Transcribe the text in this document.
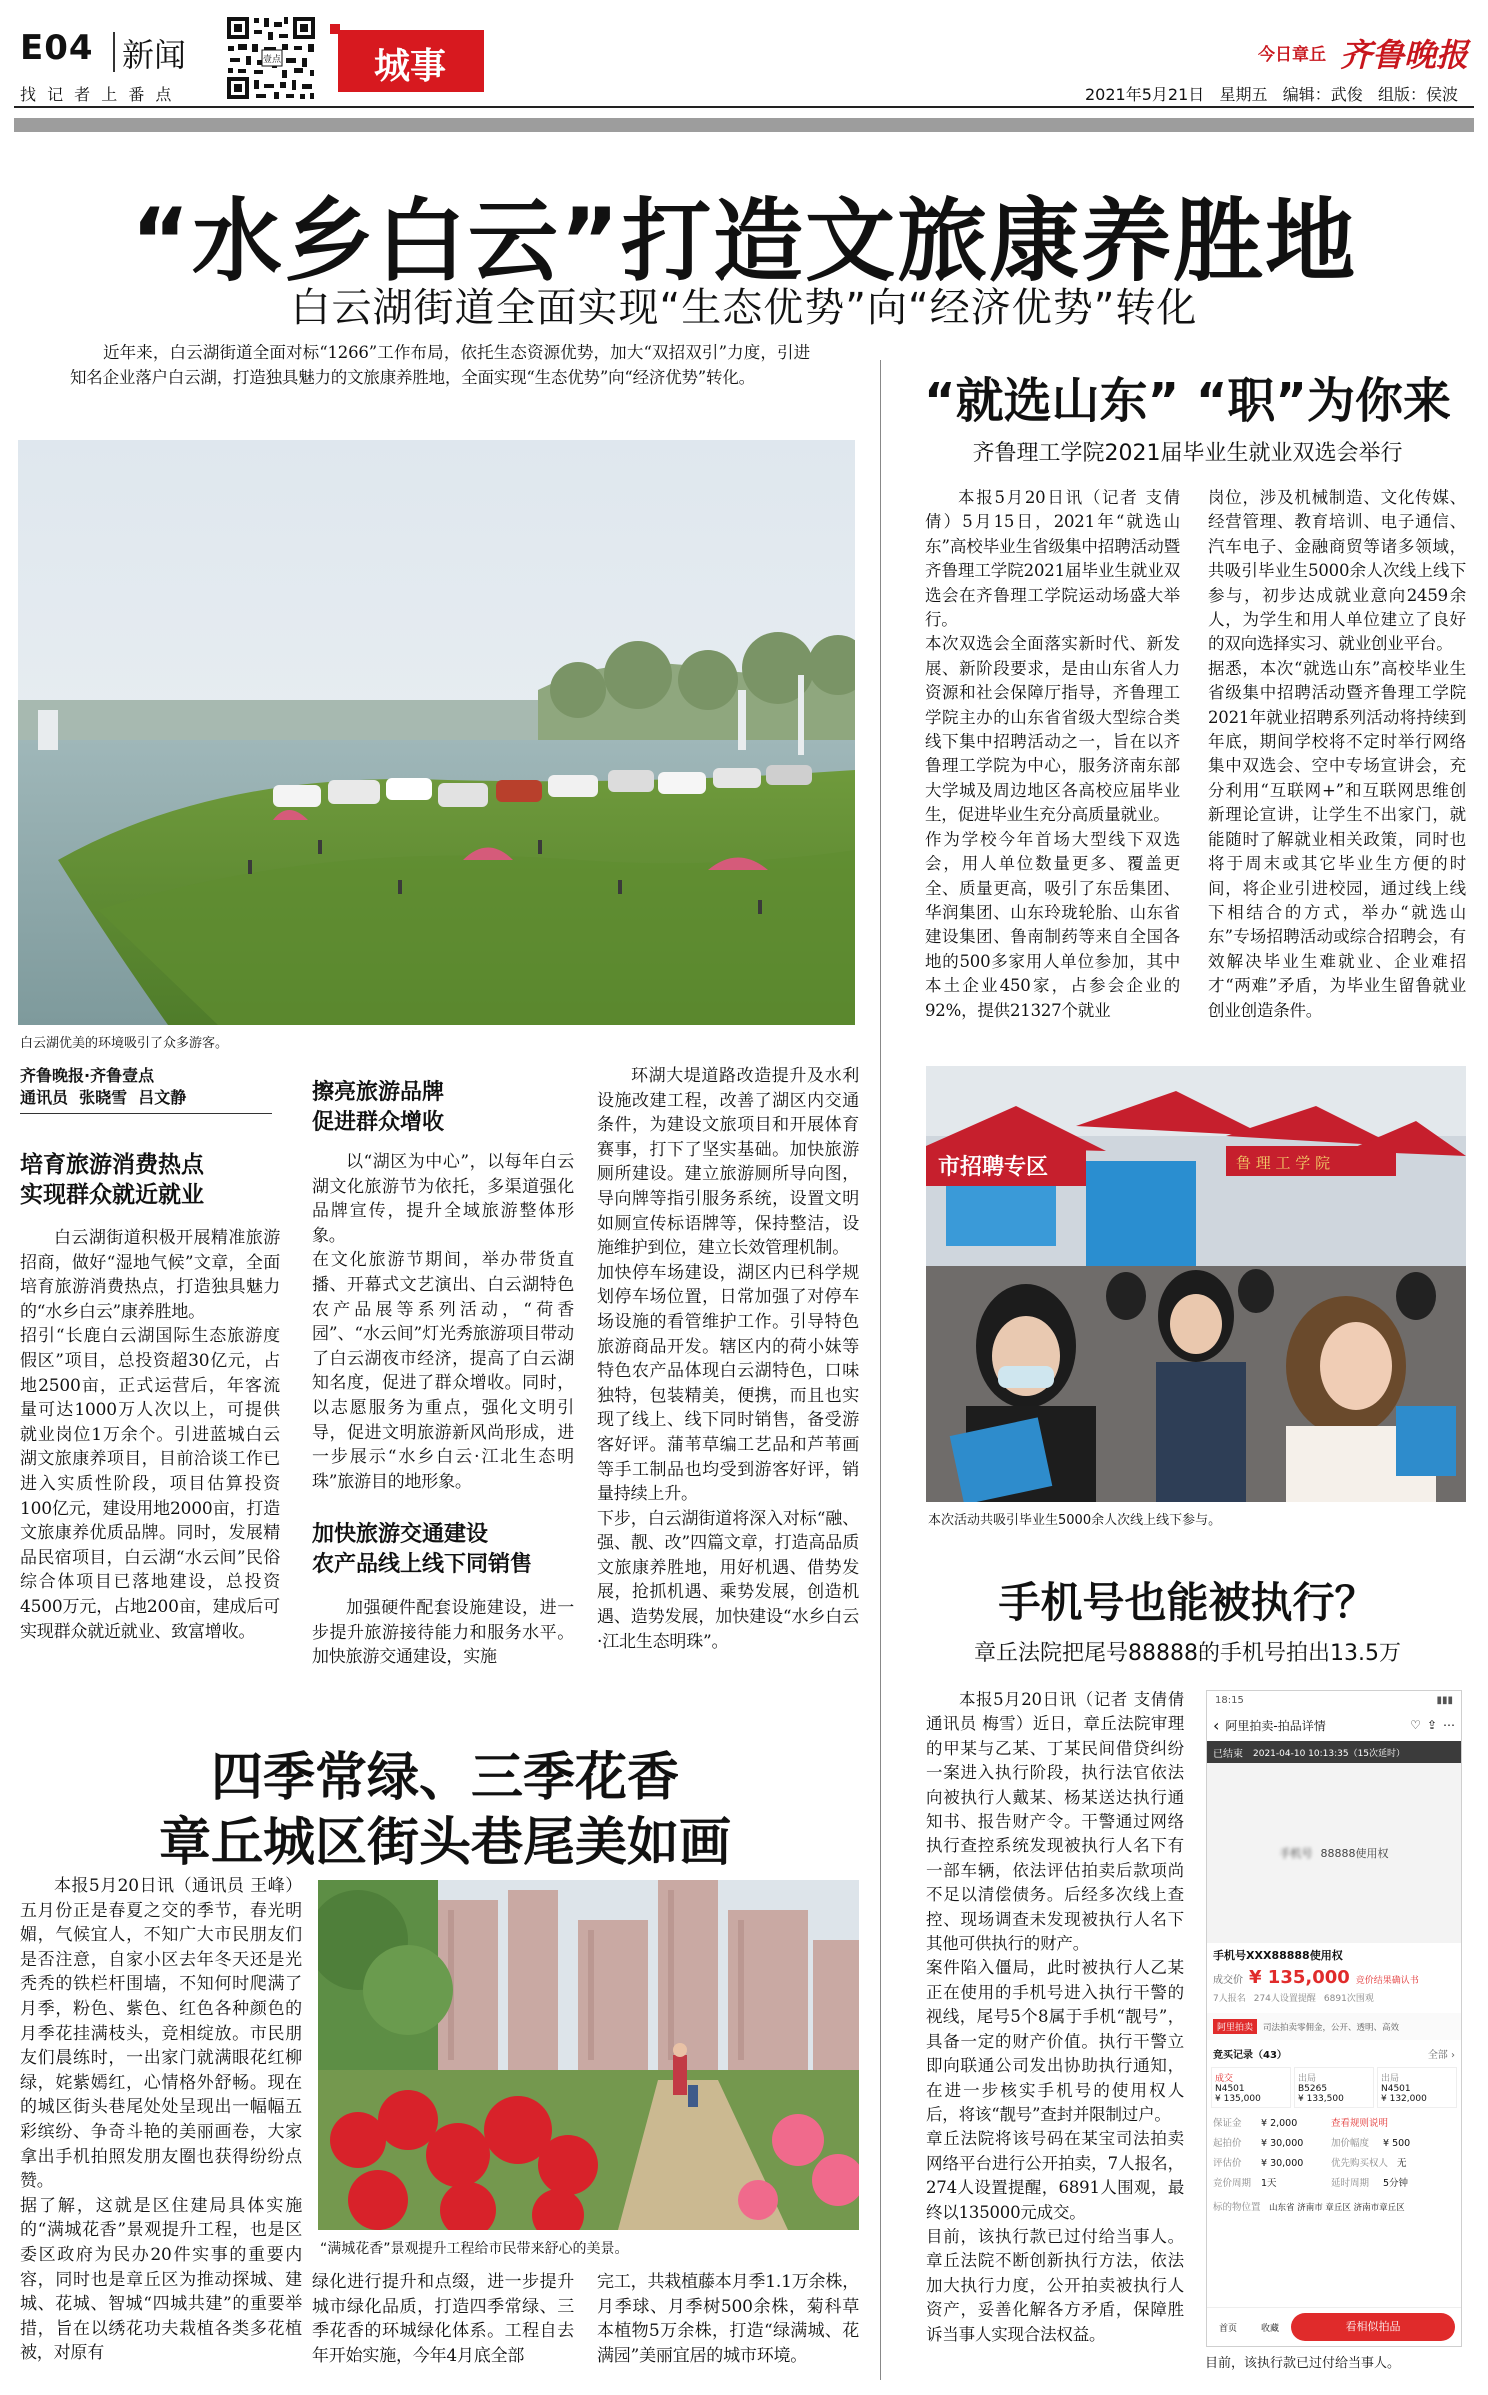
E04 新闻
找 记 者 上 番 点
壹点	城事	今日章丘 齐鲁晚报
2021年5月21日   星期五   编辑：武俊   组版：侯波
“水乡白云”打造文旅康养胜地
白云湖街道全面实现“生态优势”向“经济优势”转化

近年来，白云湖街道全面对标“1266”工作布局，依托生态资源优势，加大“双招双引”力度，引进知名企业落户白云湖，打造独具魅力的文旅康养胜地，全面实现“生态优势”向“经济优势”转化。

白云湖优美的环境吸引了众多游客。
齐鲁晚报·齐鲁壹点
通讯员  张晓雪  吕文静
培育旅游消费热点
实现群众就近就业
白云湖街道积极开展精准旅游招商，做好“湿地气候”文章，全面培育旅游消费热点，打造独具魅力的“水乡白云”康养胜地。
招引“长鹿白云湖国际生态旅游度假区”项目，总投资超30亿元，占地2500亩，正式运营后，年客流量可达1000万人次以上，可提供就业岗位1万余个。引进蓝城白云湖文旅康养项目，目前洽谈工作已进入实质性阶段，项目估算投资100亿元，建设用地2000亩，打造文旅康养优质品牌。同时，发展精品民宿项目，白云湖“水云间”民俗综合体项目已落地建设，总投资4500万元，占地200亩，建成后可实现群众就近就业、致富增收。
擦亮旅游品牌
促进群众增收
以“湖区为中心”，以每年白云湖文化旅游节为依托，多渠道强化品牌宣传，提升全域旅游整体形象。
在文化旅游节期间，举办带货直播、开幕式文艺演出、白云湖特色农产品展等系列活动，“荷香园”、“水云间”灯光秀旅游项目带动了白云湖夜市经济，提高了白云湖知名度，促进了群众增收。同时，以志愿服务为重点，强化文明引导，促进文明旅游新风尚形成，进一步展示“水乡白云·江北生态明珠”旅游目的地形象。
加快旅游交通建设
农产品线上线下同销售
加强硬件配套设施建设，进一步提升旅游接待能力和服务水平。加快旅游交通建设，实施
环湖大堤道路改造提升及水利设施改建工程，改善了湖区内交通条件，为建设文旅项目和开展体育赛事，打下了坚实基础。加快旅游厕所建设。建立旅游厕所导向图，导向牌等指引服务系统，设置文明如厕宣传标语牌等，保持整洁，设施维护到位，建立长效管理机制。
加快停车场建设，湖区内已科学规划停车场位置，日常加强了对停车场设施的看管维护工作。引导特色旅游商品开发。辖区内的荷小妹等特色农产品体现白云湖特色，口味独特，包装精美，便携，而且也实现了线上、线下同时销售，备受游客好评。蒲苇草编工艺品和芦苇画等手工制品也均受到游客好评，销量持续上升。
下步，白云湖街道将深入对标“融、强、靓、改”四篇文章，打造高品质文旅康养胜地，用好机遇、借势发展，抢抓机遇、乘势发展，创造机遇、造势发展，加快建设“水乡白云·江北生态明珠”。
“就选山东” “职”为你来
齐鲁理工学院2021届毕业生就业双选会举行
本报5月20日讯（记者 支倩倩）5月15日，2021年“就选山东”高校毕业生省级集中招聘活动暨齐鲁理工学院2021届毕业生就业双选会在齐鲁理工学院运动场盛大举行。
本次双选会全面落实新时代、新发展、新阶段要求，是由山东省人力资源和社会保障厅指导，齐鲁理工学院主办的山东省省级大型综合类线下集中招聘活动之一，旨在以齐鲁理工学院为中心，服务济南东部大学城及周边地区各高校应届毕业生，促进毕业生充分高质量就业。
作为学校今年首场大型线下双选会，用人单位数量更多、覆盖更全、质量更高，吸引了东岳集团、华润集团、山东玲珑轮胎、山东省建设集团、鲁南制药等来自全国各地的500多家用人单位参加，其中本土企业450家，占参会企业的92%，提供21327个就业
岗位，涉及机械制造、文化传媒、经营管理、教育培训、电子通信、汽车电子、金融商贸等诸多领域，共吸引毕业生5000余人次线上线下参与，初步达成就业意向2459余人，为学生和用人单位建立了良好的双向选择实习、就业创业平台。
据悉，本次“就选山东”高校毕业生省级集中招聘活动暨齐鲁理工学院2021年就业招聘系列活动将持续到年底，期间学校将不定时举行网络集中双选会、空中专场宣讲会，充分利用“互联网+”和互联网思维创新理论宣讲，让学生不出家门，就能随时了解就业相关政策，同时也将于周末或其它毕业生方便的时间，将企业引进校园，通过线上线下相结合的方式，举办“就选山东”专场招聘活动或综合招聘会，有效解决毕业生难就业、企业难招才“两难”矛盾，为毕业生留鲁就业创业创造条件。
市招聘专区	鲁 理 工 学 院
本次活动共吸引毕业生5000余人次线上线下参与。
手机号也能被执行？
章丘法院把尾号88888的手机号拍出13.5万
本报5月20日讯（记者 支倩倩 通讯员 梅雪）近日，章丘法院审理的甲某与乙某、丁某民间借贷纠纷一案进入执行阶段，执行法官依法向被执行人戴某、杨某送达执行通知书、报告财产令。干警通过网络执行查控系统发现被执行人名下有一部车辆，依法评估拍卖后款项尚不足以清偿债务。后经多次线上查控、现场调查未发现被执行人名下其他可供执行的财产。
案件陷入僵局，此时被执行人乙某正在使用的手机号进入执行干警的视线，尾号5个8属于手机“靓号”，具备一定的财产价值。执行干警立即向联通公司发出协助执行通知，在进一步核实手机号的使用权人后，将该“靓号”查封并限制过户。
章丘法院将该号码在某宝司法拍卖网络平台进行公开拍卖，7人报名，274人设置提醒，6891人围观，最终以135000元成交。
目前，该执行款已过付给当事人。章丘法院不断创新执行方法，依法加大执行力度，公开拍卖被执行人资产，妥善化解各方矛盾，保障胜诉当事人实现合法权益。
18:15	▮▮▮
‹ 阿里拍卖-拍品详情	♡ ⇪ ⋯
已结束 2021-04-10 10:13:35（15次延时）
手机号 88888使用权
手机号XXX88888使用权
成交价 ¥ 135,000 竞价结果确认书
7人报名 274人设置提醒 6891次围观
阿里拍卖	司法拍卖零佣金，公开、透明、高效
竞买记录（43）	全部 ›
成交
N4501
¥ 135,000
出局
B5265
¥ 133,500
出局
N4501
¥ 132,000
保证金	¥ 2,000	查看规则说明
起拍价	¥ 30,000	加价幅度	¥ 500
评估价	¥ 30,000	优先购买权人 无
竞价周期	1天	延时周期	5分钟
标的物位置 山东省 济南市 章丘区 济南市章丘区
首页	收藏	看相似拍品
目前，该执行款已过付给当事人。
四季常绿、三季花香
章丘城区街头巷尾美如画
本报5月20日讯（通讯员 王峰）五月份正是春夏之交的季节，春光明媚，气候宜人，不知广大市民朋友们是否注意，自家小区去年冬天还是光秃秃的铁栏杆围墙，不知何时爬满了月季，粉色、紫色、红色各种颜色的月季花挂满枝头，竞相绽放。市民朋友们晨练时，一出家门就满眼花红柳绿，姹紫嫣红，心情格外舒畅。现在的城区街头巷尾处处呈现出一幅幅五彩缤纷、争奇斗艳的美丽画卷，大家拿出手机拍照发朋友圈也获得纷纷点赞。
据了解，这就是区住建局具体实施的“满城花香”景观提升工程，也是区委区政府为民办20件实事的重要内容，同时也是章丘区为推动探城、建城、花城、智城“四城共建”的重要举措，旨在以绣花功夫栽植各类多花植被，对原有
“满城花香”景观提升工程给市民带来舒心的美景。
绿化进行提升和点缀，进一步提升城市绿化品质，打造四季常绿、三季花香的环城绿化体系。工程自去年开始实施，今年4月底全部
完工，共栽植藤本月季1.1万余株，月季球、月季树500余株，菊科草本植物5万余株，打造“绿满城、花满园”美丽宜居的城市环境。
